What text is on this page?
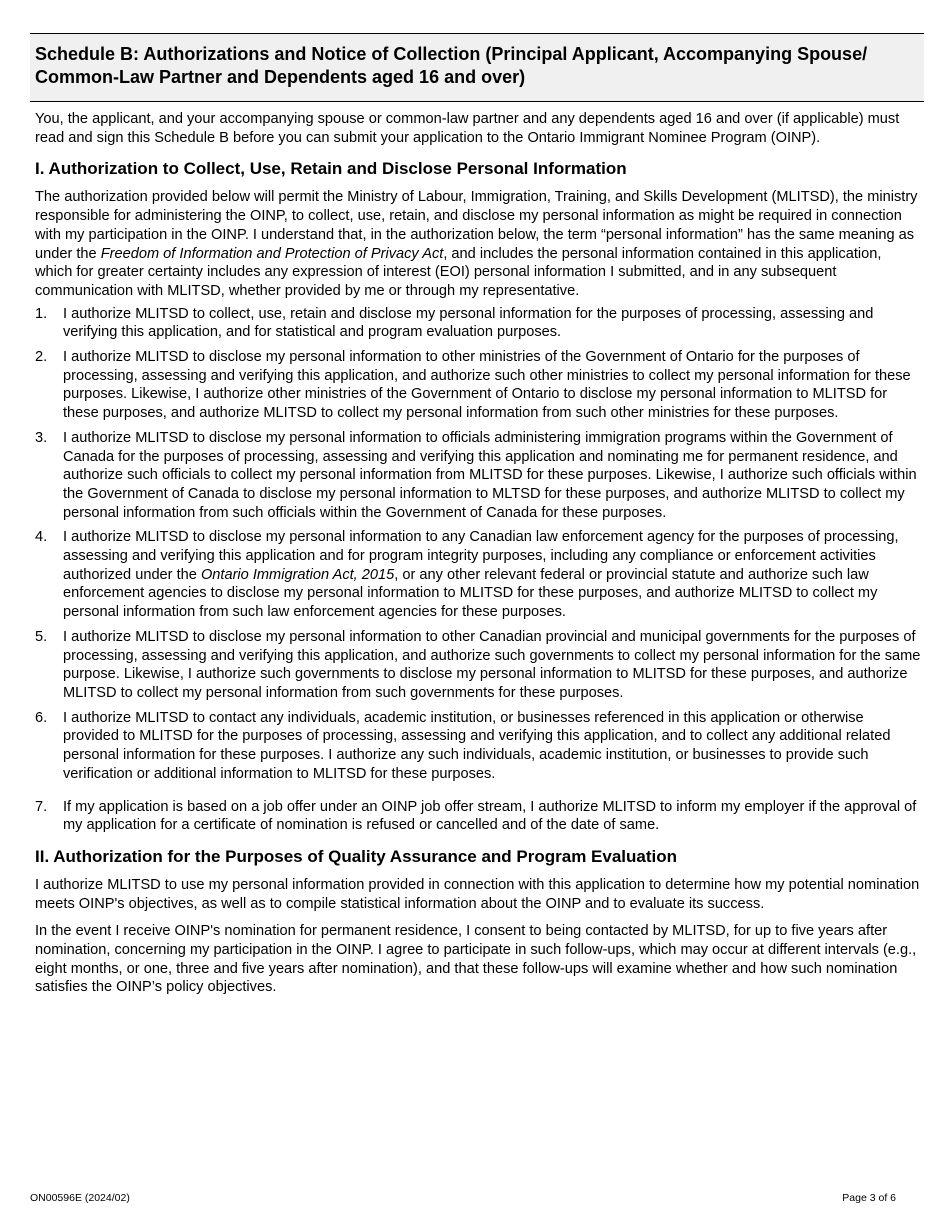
Schedule B: Authorizations and Notice of Collection (Principal Applicant, Accompanying Spouse/ Common-Law Partner and Dependents aged 16 and over)

You, the applicant, and your accompanying spouse or common-law partner and any dependents aged 16 and over (if applicable) must read and sign this Schedule B before you can submit your application to the Ontario Immigrant Nominee Program (OINP).

I. Authorization to Collect, Use, Retain and Disclose Personal Information

The authorization provided below will permit the Ministry of Labour, Immigration, Training, and Skills Development (MLITSD), the ministry responsible for administering the OINP, to collect, use, retain, and disclose my personal information as might be required in connection with my participation in the OINP. I understand that, in the authorization below, the term “personal information” has the same meaning as under the Freedom of Information and Protection of Privacy Act, and includes the personal information contained in this application, which for greater certainty includes any expression of interest (EOI) personal information I submitted, and in any subsequent communication with MLITSD, whether provided by me or through my representative.

1. I authorize MLITSD to collect, use, retain and disclose my personal information for the purposes of processing, assessing and verifying this application, and for statistical and program evaluation purposes.
2. I authorize MLITSD to disclose my personal information to other ministries of the Government of Ontario for the purposes of processing, assessing and verifying this application, and authorize such other ministries to collect my personal information for these purposes. Likewise, I authorize other ministries of the Government of Ontario to disclose my personal information to MLITSD for these purposes, and authorize MLITSD to collect my personal information from such other ministries for these purposes.
3. I authorize MLITSD to disclose my personal information to officials administering immigration programs within the Government of Canada for the purposes of processing, assessing and verifying this application and nominating me for permanent residence, and authorize such officials to collect my personal information from MLITSD for these purposes. Likewise, I authorize such officials within the Government of Canada to disclose my personal information to MLTSD for these purposes, and authorize MLITSD to collect my personal information from such officials within the Government of Canada for these purposes.
4. I authorize MLITSD to disclose my personal information to any Canadian law enforcement agency for the purposes of processing, assessing and verifying this application and for program integrity purposes, including any compliance or enforcement activities authorized under the Ontario Immigration Act, 2015, or any other relevant federal or provincial statute and authorize such law enforcement agencies to disclose my personal information to MLITSD for these purposes, and authorize MLITSD to collect my personal information from such law enforcement agencies for these purposes.
5. I authorize MLITSD to disclose my personal information to other Canadian provincial and municipal governments for the purposes of processing, assessing and verifying this application, and authorize such governments to collect my personal information for the same purpose. Likewise, I authorize such governments to disclose my personal information to MLITSD for these purposes, and authorize MLITSD to collect my personal information from such governments for these purposes.
6. I authorize MLITSD to contact any individuals, academic institution, or businesses referenced in this application or otherwise provided to MLITSD for the purposes of processing, assessing and verifying this application, and to collect any additional related personal information for these purposes. I authorize any such individuals, academic institution, or businesses to provide such verification or additional information to MLITSD for these purposes.
7. If my application is based on a job offer under an OINP job offer stream, I authorize MLITSD to inform my employer if the approval of my application for a certificate of nomination is refused or cancelled and of the date of same.
II. Authorization for the Purposes of Quality Assurance and Program Evaluation

I authorize MLITSD to use my personal information provided in connection with this application to determine how my potential nomination meets OINP's objectives, as well as to compile statistical information about the OINP and to evaluate its success.

In the event I receive OINP's nomination for permanent residence, I consent to being contacted by MLITSD, for up to five years after nomination, concerning my participation in the OINP. I agree to participate in such follow-ups, which may occur at different intervals (e.g., eight months, or one, three and five years after nomination), and that these follow-ups will examine whether and how such nomination satisfies the OINP’s policy objectives.

ON00596E (2024/02)	Page 3 of 6
